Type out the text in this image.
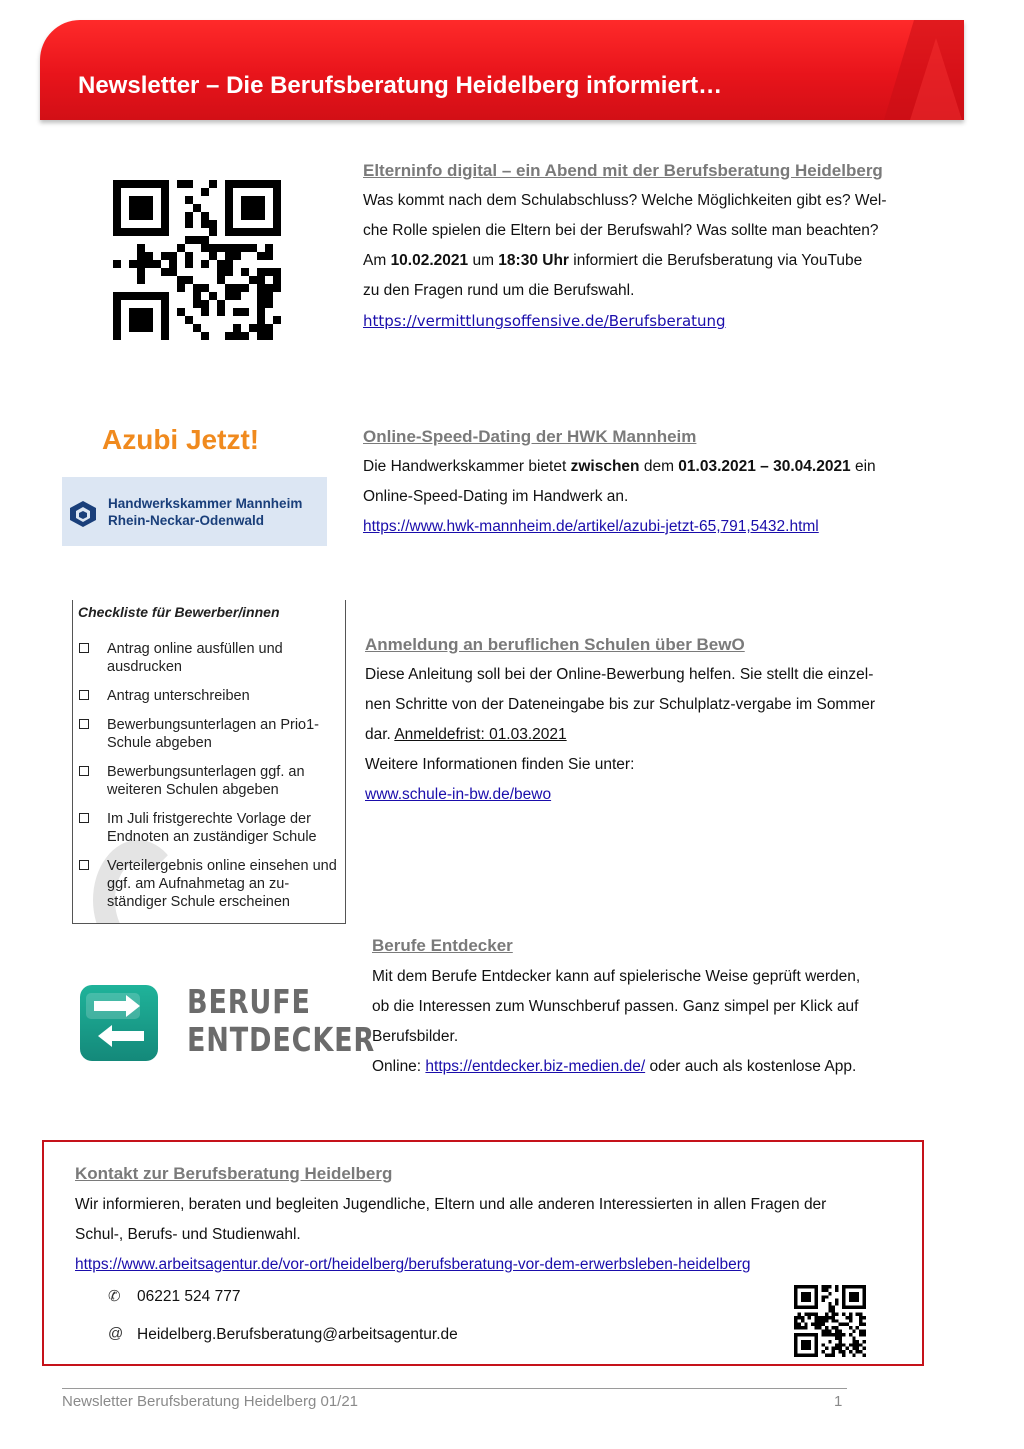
Newsletter – Die Berufsberatung Heidelberg informiert…
Elterninfo digital – ein Abend mit der Berufsberatung Heidelberg
Was kommt nach dem Schulabschluss? Welche Möglichkeiten gibt es? Wel-
che Rolle spielen die Eltern bei der Berufswahl? Was sollte man beachten?
Am 10.02.2021 um 18:30 Uhr informiert die Berufsberatung via YouTube
zu den Fragen rund um die Berufswahl.
https://vermittlungsoffensive.de/Berufsberatung
Azubi Jetzt!
Handwerkskammer Mannheim
Rhein-Neckar-Odenwald
Online-Speed-Dating der HWK Mannheim
Die Handwerkskammer bietet zwischen dem 01.03.2021 – 30.04.2021 ein
Online-Speed-Dating im Handwerk an.
https://www.hwk-mannheim.de/artikel/azubi-jetzt-65,791,5432.html
Checkliste für Bewerber/innen
Antrag online ausfüllen und ausdrucken
Antrag unterschreiben
Bewerbungsunterlagen an Prio1-Schule abgeben
Bewerbungsunterlagen ggf. an weiteren Schulen abgeben
Im Juli fristgerechte Vorlage der Endnoten an zuständiger Schule
Verteilergebnis online einsehen und ggf. am Aufnahmetag an zu-ständiger Schule erscheinen
Anmeldung an beruflichen Schulen über BewO
Diese Anleitung soll bei der Online-Bewerbung helfen. Sie stellt die einzel-
nen Schritte von der Dateneingabe bis zur Schulplatz-vergabe im Sommer
dar. Anmeldefrist: 01.03.2021
Weitere Informationen finden Sie unter:
www.schule-in-bw.de/bewo
BERUFE
ENTDECKER
Berufe Entdecker
Mit dem Berufe Entdecker kann auf spielerische Weise geprüft werden,
ob die Interessen zum Wunschberuf passen. Ganz simpel per Klick auf
Berufsbilder.
Online: https://entdecker.biz-medien.de/ oder auch als kostenlose App.
Kontakt zur Berufsberatung Heidelberg
Wir informieren, beraten und begleiten Jugendliche, Eltern und alle anderen Interessierten in allen Fragen der
Schul-, Berufs- und Studienwahl.
https://www.arbeitsagentur.de/vor-ort/heidelberg/berufsberatung-vor-dem-erwerbsleben-heidelberg
✆ 06221 524 777
@ Heidelberg.Berufsberatung@arbeitsagentur.de
Newsletter Berufsberatung Heidelberg 01/21	1
